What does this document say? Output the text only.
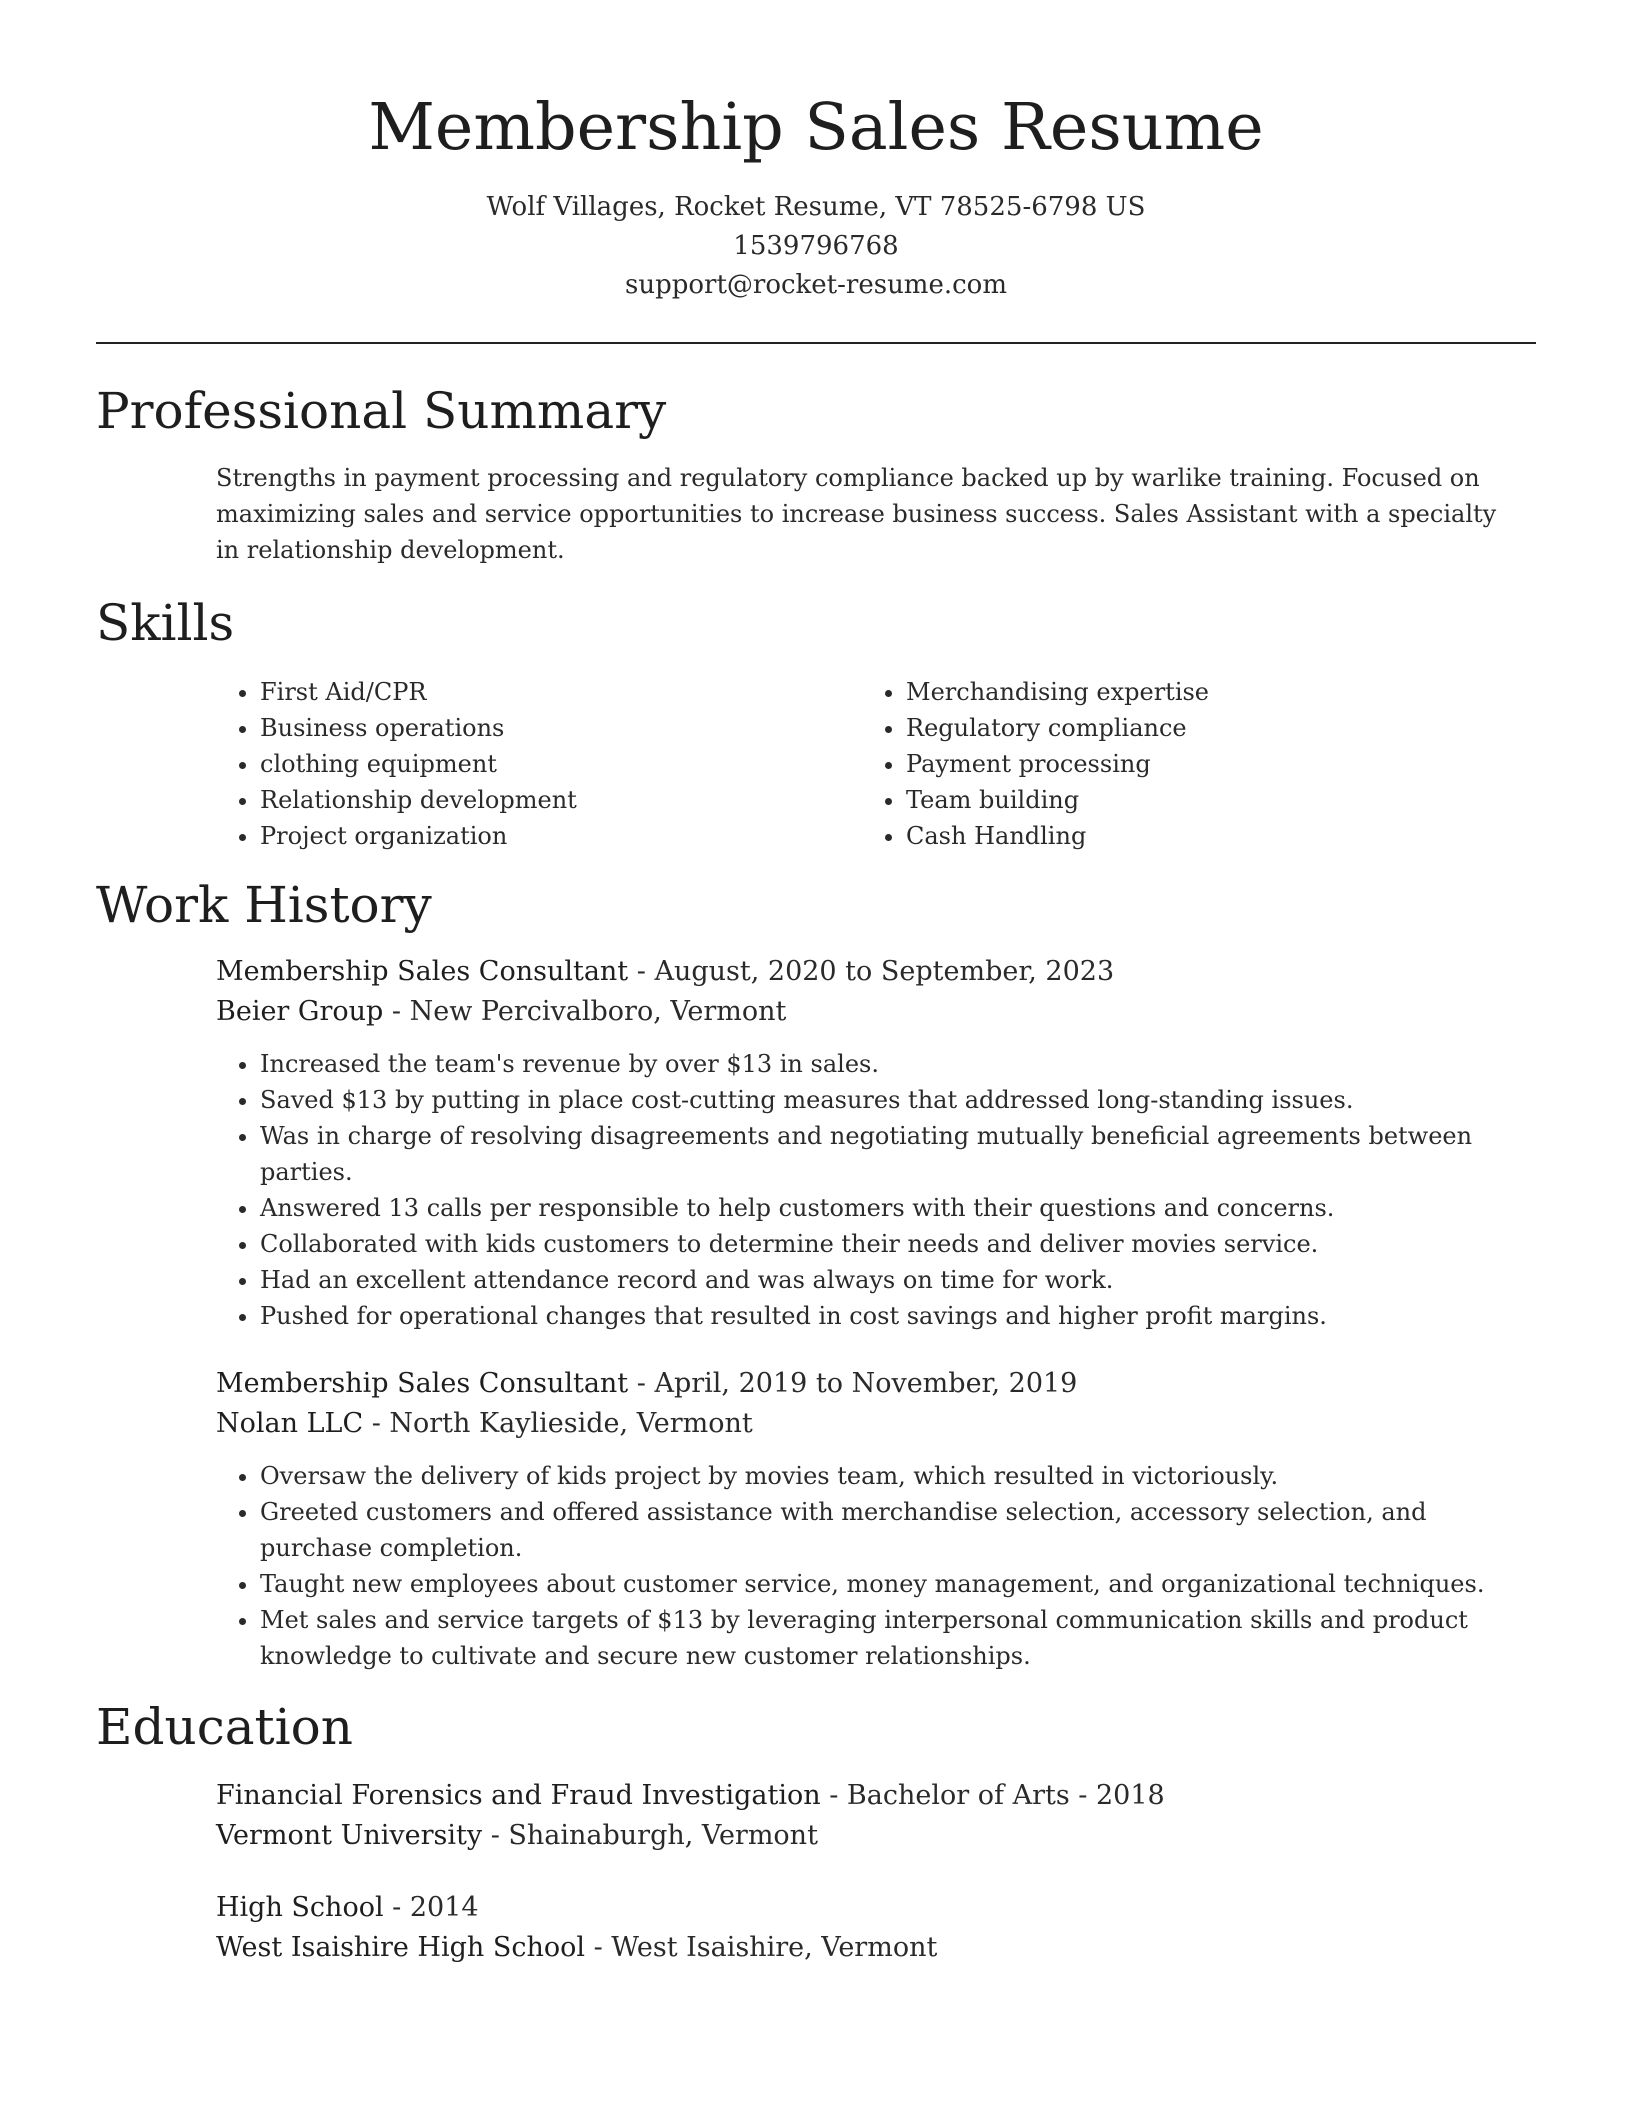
Membership Sales Resume
Wolf Villages, Rocket Resume, VT 78525-6798 US
1539796768
support@rocket-resume.com
Professional Summary

Strengths in payment processing and regulatory compliance backed up by warlike training. Focused on maximizing sales and service opportunities to increase business success. Sales Assistant with a specialty in relationship development.

Skills
• First Aid/CPR
• Business operations
• clothing equipment
• Relationship development
• Project organization
• Merchandising expertise
• Regulatory compliance
• Payment processing
• Team building
• Cash Handling
Work History
Membership Sales Consultant - August, 2020 to September, 2023
Beier Group - New Percivalboro, Vermont
• Increased the team's revenue by over $13 in sales.
• Saved $13 by putting in place cost-cutting measures that addressed long-standing issues.
• Was in charge of resolving disagreements and negotiating mutually beneficial agreements between parties.
• Answered 13 calls per responsible to help customers with their questions and concerns.
• Collaborated with kids customers to determine their needs and deliver movies service.
• Had an excellent attendance record and was always on time for work.
• Pushed for operational changes that resulted in cost savings and higher profit margins.
Membership Sales Consultant - April, 2019 to November, 2019
Nolan LLC - North Kaylieside, Vermont
• Oversaw the delivery of kids project by movies team, which resulted in victoriously.
• Greeted customers and offered assistance with merchandise selection, accessory selection, and purchase completion.
• Taught new employees about customer service, money management, and organizational techniques.
• Met sales and service targets of $13 by leveraging interpersonal communication skills and product knowledge to cultivate and secure new customer relationships.
Education
Financial Forensics and Fraud Investigation - Bachelor of Arts - 2018
Vermont University - Shainaburgh, Vermont
High School - 2014
West Isaishire High School - West Isaishire, Vermont
